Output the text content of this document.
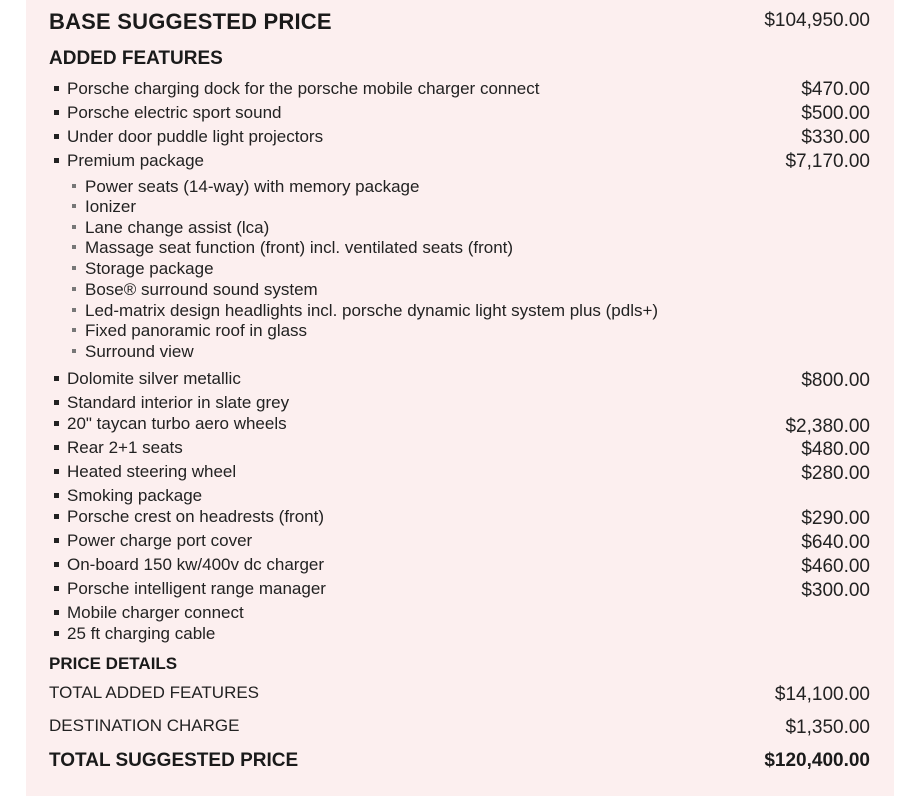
BASE SUGGESTED PRICE	$104,950.00
ADDED FEATURES
Porsche charging dock for the porsche mobile charger connect	$470.00
Porsche electric sport sound	$500.00
Under door puddle light projectors	$330.00
Premium package	$7,170.00
Power seats (14-way) with memory package
Ionizer
Lane change assist (lca)
Massage seat function (front) incl. ventilated seats (front)
Storage package
Bose® surround sound system
Led-matrix design headlights incl. porsche dynamic light system plus (pdls+)
Fixed panoramic roof in glass
Surround view
Dolomite silver metallic	$800.00
Standard interior in slate grey
20" taycan turbo aero wheels	$2,380.00
Rear 2+1 seats	$480.00
Heated steering wheel	$280.00
Smoking package
Porsche crest on headrests (front)	$290.00
Power charge port cover	$640.00
On-board 150 kw/400v dc charger	$460.00
Porsche intelligent range manager	$300.00
Mobile charger connect
25 ft charging cable
PRICE DETAILS
TOTAL ADDED FEATURES	$14,100.00
DESTINATION CHARGE	$1,350.00
TOTAL SUGGESTED PRICE	$120,400.00
